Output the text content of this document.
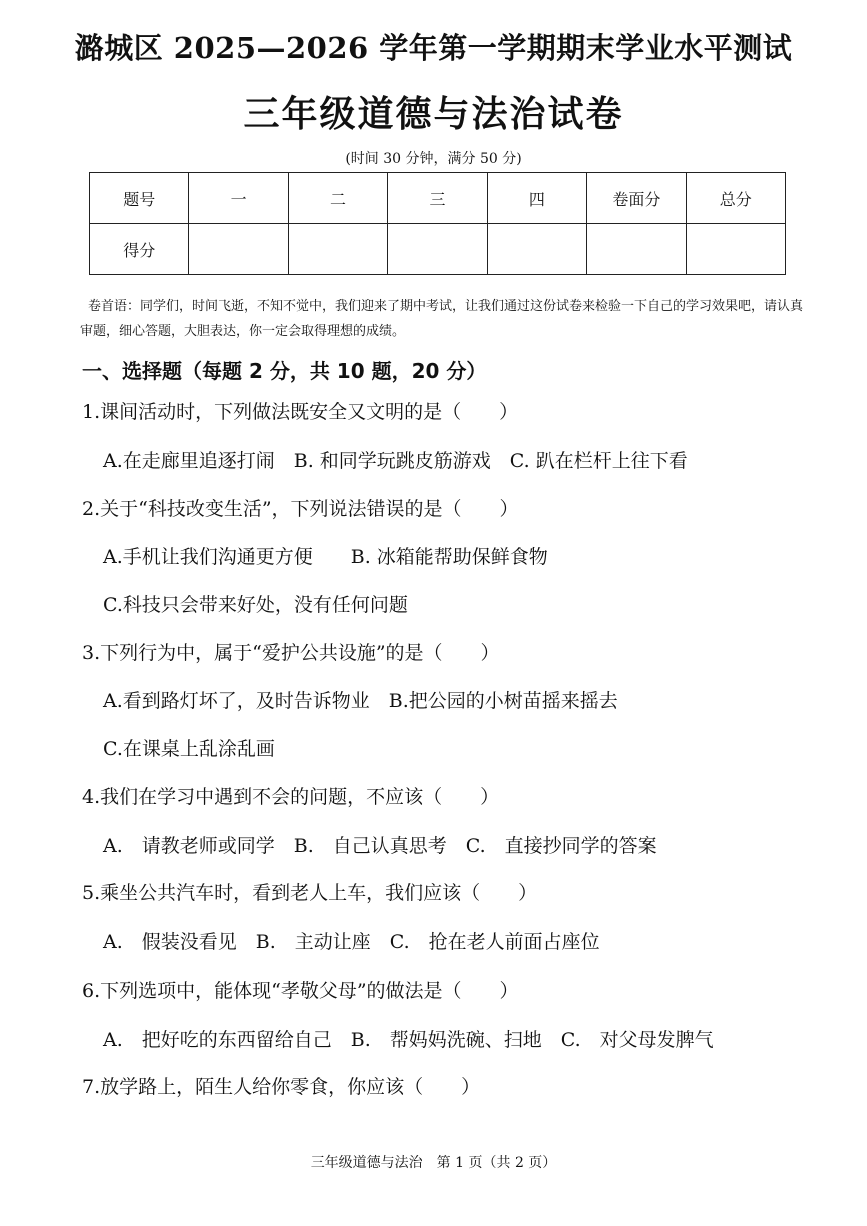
潞城区 2025—2026 学年第一学期期末学业水平测试
三年级道德与法治试卷
(时间 30 分钟，满分 50 分)
题号	一	二	三	四	卷面分	总分
得分						
卷首语：同学们，时间飞逝，不知不觉中，我们迎来了期中考试，让我们通过这份试卷来检验一下自己的学习效果吧，请认真审题，细心答题，大胆表达，你一定会取得理想的成绩。
一、选择题（每题 2 分，共 10 题，20 分）
1.课间活动时，下列做法既安全又文明的是（　　）
A.在走廊里追逐打闹　B. 和同学玩跳皮筋游戏　C. 趴在栏杆上往下看
2.关于“科技改变生活”，下列说法错误的是（　　）
A.手机让我们沟通更方便　　B. 冰箱能帮助保鲜食物
C.科技只会带来好处，没有任何问题
3.下列行为中，属于“爱护公共设施”的是（　　）
A.看到路灯坏了，及时告诉物业　B.把公园的小树苗摇来摇去
C.在课桌上乱涂乱画
4.我们在学习中遇到不会的问题，不应该（　　）
A.　请教老师或同学　B.　自己认真思考　C.　直接抄同学的答案
5.乘坐公共汽车时，看到老人上车，我们应该（　　）
A.　假装没看见　B.　主动让座　C.　抢在老人前面占座位
6.下列选项中，能体现“孝敬父母”的做法是（　　）
A.　把好吃的东西留给自己　B.　帮妈妈洗碗、扫地　C.　对父母发脾气
7.放学路上，陌生人给你零食，你应该（　　）
三年级道德与法治　第 1 页（共 2 页）
